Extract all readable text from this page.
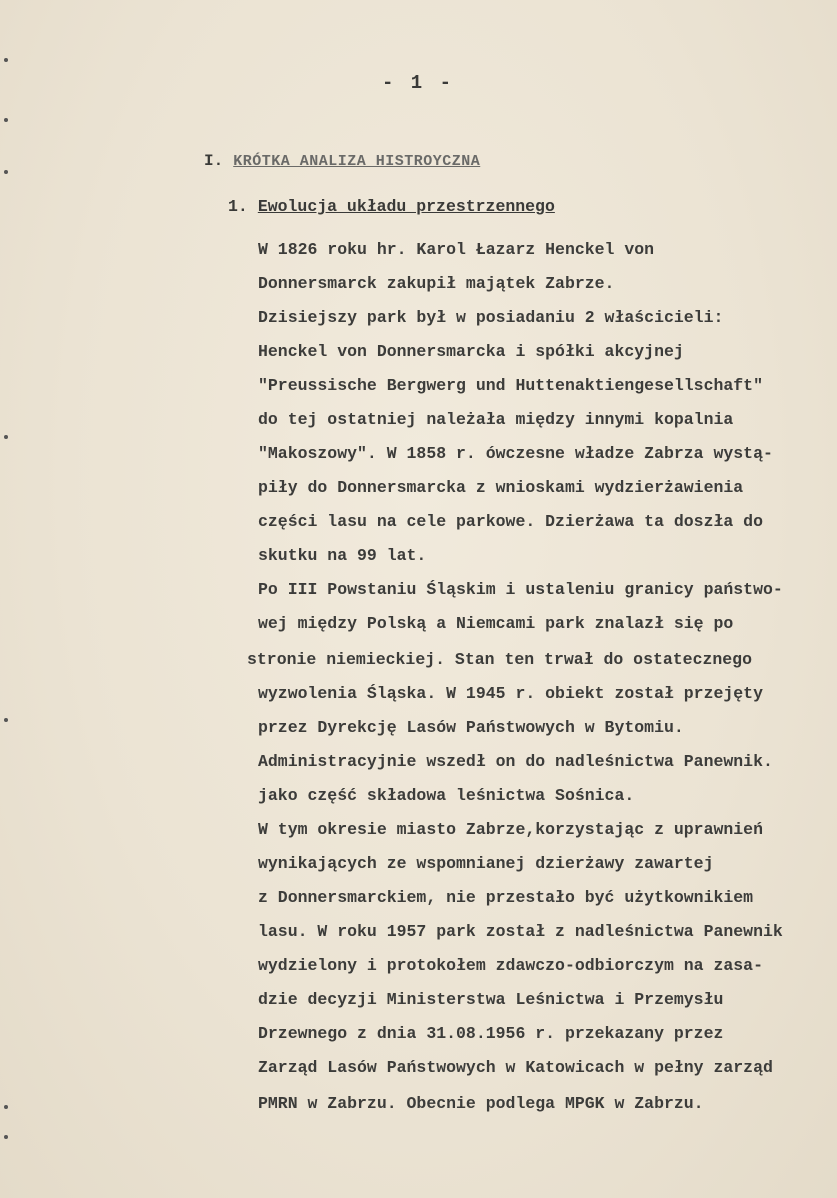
- 1 -
I. KRÓTKA ANALIZA HISTROYCZNA
1. Ewolucja układu przestrzennego
W 1826 roku hr. Karol Łazarz Henckel von
Donnersmarck zakupił majątek Zabrze.
Dzisiejszy park był w posiadaniu 2 właścicieli:
Henckel von Donnersmarcka i spółki akcyjnej
"Preussische Bergwerg und Huttenaktiengesellschaft"
do tej ostatniej należała między innymi kopalnia
"Makoszowy". W 1858 r. ówczesne władze Zabrza wystą-
piły do Donnersmarcka z wnioskami wydzierżawienia
części lasu na cele parkowe. Dzierżawa ta doszła do
skutku na 99 lat.
Po III Powstaniu Śląskim i ustaleniu granicy państwo-
wej między Polską a Niemcami park znalazł się po
stronie niemieckiej. Stan ten trwał do ostatecznego
wyzwolenia Śląska. W 1945 r. obiekt został przejęty
przez Dyrekcję Lasów Państwowych w Bytomiu.
Administracyjnie wszedł on do nadleśnictwa Panewnik.
jako część składowa leśnictwa Sośnica.
W tym okresie miasto Zabrze,korzystając z uprawnień
wynikających ze wspomnianej dzierżawy zawartej
z Donnersmarckiem, nie przestało być użytkownikiem
lasu. W roku 1957 park został z nadleśnictwa Panewnik
wydzielony i protokołem zdawczo-odbiorczym na zasa-
dzie decyzji Ministerstwa Leśnictwa i Przemysłu
Drzewnego z dnia 31.08.1956 r. przekazany przez
Zarząd Lasów Państwowych w Katowicach w pełny zarząd
PMRN w Zabrzu. Obecnie podlega MPGK w Zabrzu.
